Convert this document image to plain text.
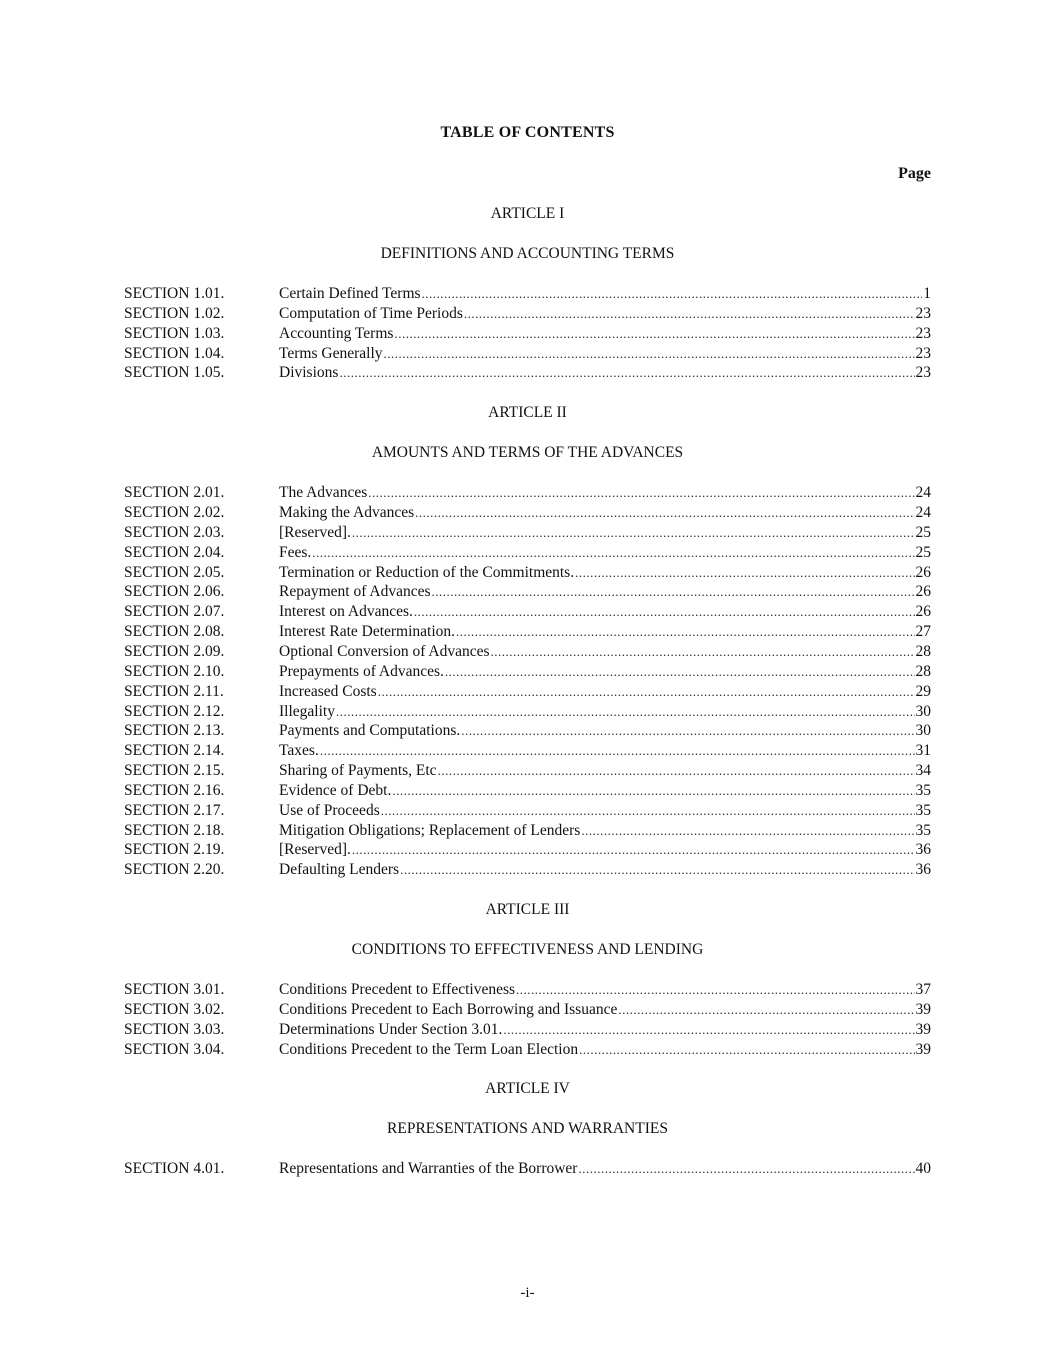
TABLE OF CONTENTS
Page
ARTICLE I
DEFINITIONS AND ACCOUNTING TERMS
SECTION 1.01.	Certain Defined Terms .....	1
SECTION 1.02.	Computation of Time Periods .....	23
SECTION 1.03.	Accounting Terms .....	23
SECTION 1.04.	Terms Generally .....	23
SECTION 1.05.	Divisions .....	23
ARTICLE II
AMOUNTS AND TERMS OF THE ADVANCES
SECTION 2.01.	The Advances .....	24
SECTION 2.02.	Making the Advances .....	24
SECTION 2.03.	[Reserved]. .....	25
SECTION 2.04.	Fees. .....	25
SECTION 2.05.	Termination or Reduction of the Commitments. .....	26
SECTION 2.06.	Repayment of Advances .....	26
SECTION 2.07.	Interest on Advances. .....	26
SECTION 2.08.	Interest Rate Determination. .....	27
SECTION 2.09.	Optional Conversion of Advances .....	28
SECTION 2.10.	Prepayments of Advances. .....	28
SECTION 2.11.	Increased Costs .....	29
SECTION 2.12.	Illegality .....	30
SECTION 2.13.	Payments and Computations. .....	30
SECTION 2.14.	Taxes. .....	31
SECTION 2.15.	Sharing of Payments, Etc .....	34
SECTION 2.16.	Evidence of Debt. .....	35
SECTION 2.17.	Use of Proceeds .....	35
SECTION 2.18.	Mitigation Obligations; Replacement of Lenders .....	35
SECTION 2.19.	[Reserved]. .....	36
SECTION 2.20.	Defaulting Lenders .....	36
ARTICLE III
CONDITIONS TO EFFECTIVENESS AND LENDING
SECTION 3.01.	Conditions Precedent to Effectiveness .....	37
SECTION 3.02.	Conditions Precedent to Each Borrowing and Issuance .....	39
SECTION 3.03.	Determinations Under Section 3.01. .....	39
SECTION 3.04.	Conditions Precedent to the Term Loan Election .....	39
ARTICLE IV
REPRESENTATIONS AND WARRANTIES
SECTION 4.01.	Representations and Warranties of the Borrower .....	40
-i-
